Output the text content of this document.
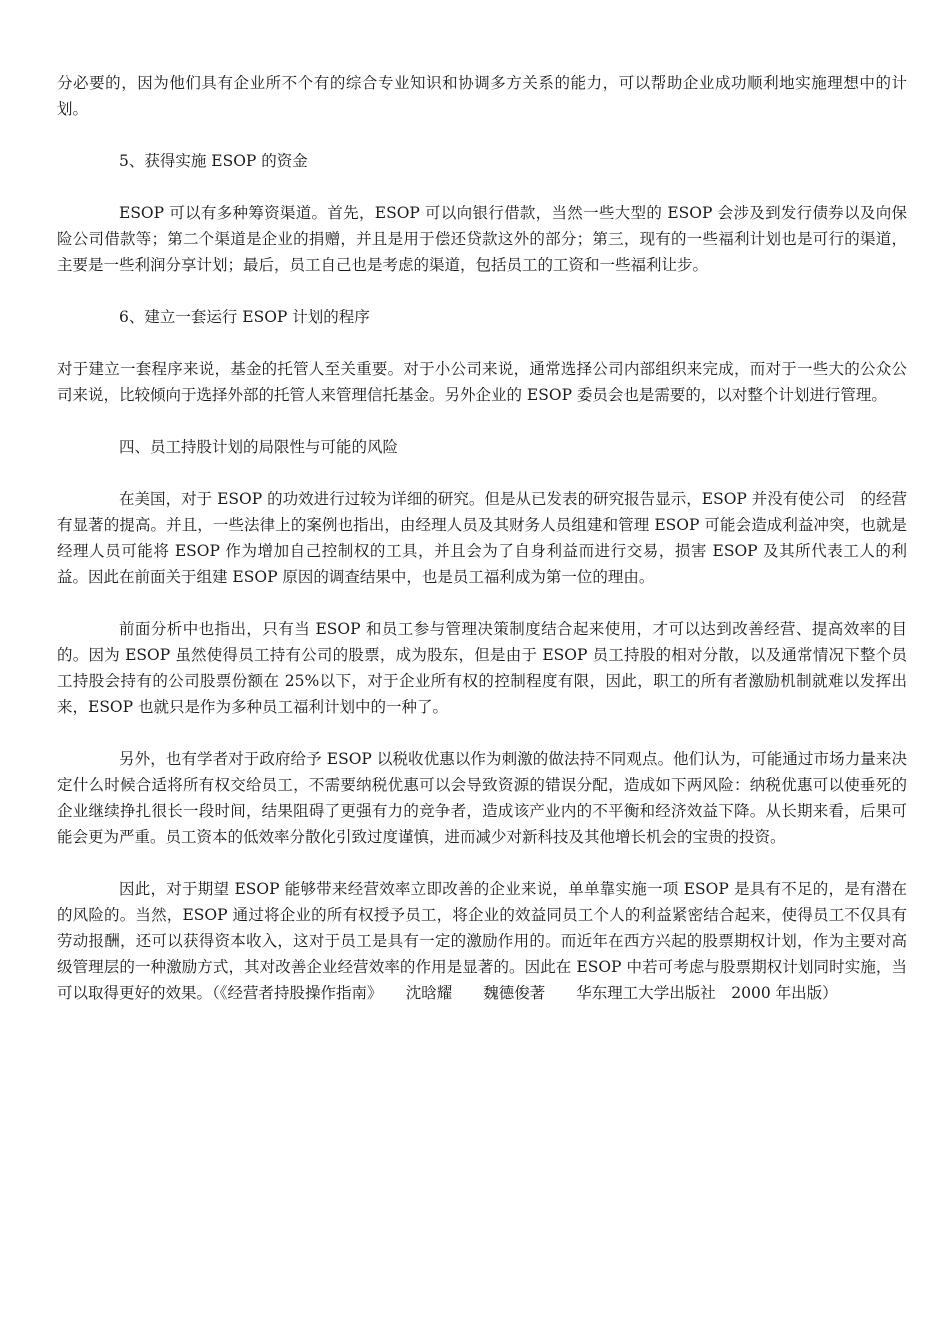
分必要的，因为他们具有企业所不个有的综合专业知识和协调多方关系的能力，可以帮助企业成功顺利地实施理想中的计划。

5、获得实施 ESOP 的资金

ESOP 可以有多种筹资渠道。首先，ESOP 可以向银行借款，当然一些大型的 ESOP 会涉及到发行债券以及向保险公司借款等；第二个渠道是企业的捐赠，并且是用于偿还贷款这外的部分；第三，现有的一些福利计划也是可行的渠道，主要是一些利润分享计划；最后，员工自己也是考虑的渠道，包括员工的工资和一些福利让步。

6、建立一套运行 ESOP 计划的程序

对于建立一套程序来说，基金的托管人至关重要。对于小公司来说，通常选择公司内部组织来完成，而对于一些大的公众公司来说，比较倾向于选择外部的托管人来管理信托基金。另外企业的 ESOP 委员会也是需要的，以对整个计划进行管理。

四、员工持股计划的局限性与可能的风险

在美国，对于 ESOP 的功效进行过较为详细的研究。但是从已发表的研究报告显示，ESOP 并没有使公司　的经营有显著的提高。并且，一些法律上的案例也指出，由经理人员及其财务人员组建和管理 ESOP 可能会造成利益冲突，也就是经理人员可能将 ESOP 作为增加自己控制权的工具，并且会为了自身利益而进行交易，损害 ESOP 及其所代表工人的利益。因此在前面关于组建 ESOP 原因的调查结果中，也是员工福利成为第一位的理由。

前面分析中也指出，只有当 ESOP 和员工参与管理决策制度结合起来使用，才可以达到改善经营、提高效率的目的。因为 ESOP 虽然使得员工持有公司的股票，成为股东，但是由于 ESOP 员工持股的相对分散，以及通常情况下整个员工持股会持有的公司股票份额在 25%以下，对于企业所有权的控制程度有限，因此，职工的所有者激励机制就难以发挥出来，ESOP 也就只是作为多种员工福利计划中的一种了。

另外，也有学者对于政府给予 ESOP 以税收优惠以作为刺激的做法持不同观点。他们认为，可能通过市场力量来决定什么时候合适将所有权交给员工，不需要纳税优惠可以会导致资源的错误分配，造成如下两风险：纳税优惠可以使垂死的企业继续挣扎很长一段时间，结果阻碍了更强有力的竞争者，造成该产业内的不平衡和经济效益下降。从长期来看，后果可能会更为严重。员工资本的低效率分散化引致过度谨慎，进而减少对新科技及其他增长机会的宝贵的投资。

因此，对于期望 ESOP 能够带来经营效率立即改善的企业来说，单单靠实施一项 ESOP 是具有不足的，是有潜在的风险的。当然，ESOP 通过将企业的所有权授予员工，将企业的效益同员工个人的利益紧密结合起来，使得员工不仅具有劳动报酬，还可以获得资本收入，这对于员工是具有一定的激励作用的。而近年在西方兴起的股票期权计划，作为主要对高级管理层的一种激励方式，其对改善企业经营效率的作用是显著的。因此在 ESOP 中若可考虑与股票期权计划同时实施，当可以取得更好的效果。（《经营者持股操作指南》　　沈晗耀　　魏德俊著　　华东理工大学出版社　2000 年出版）
